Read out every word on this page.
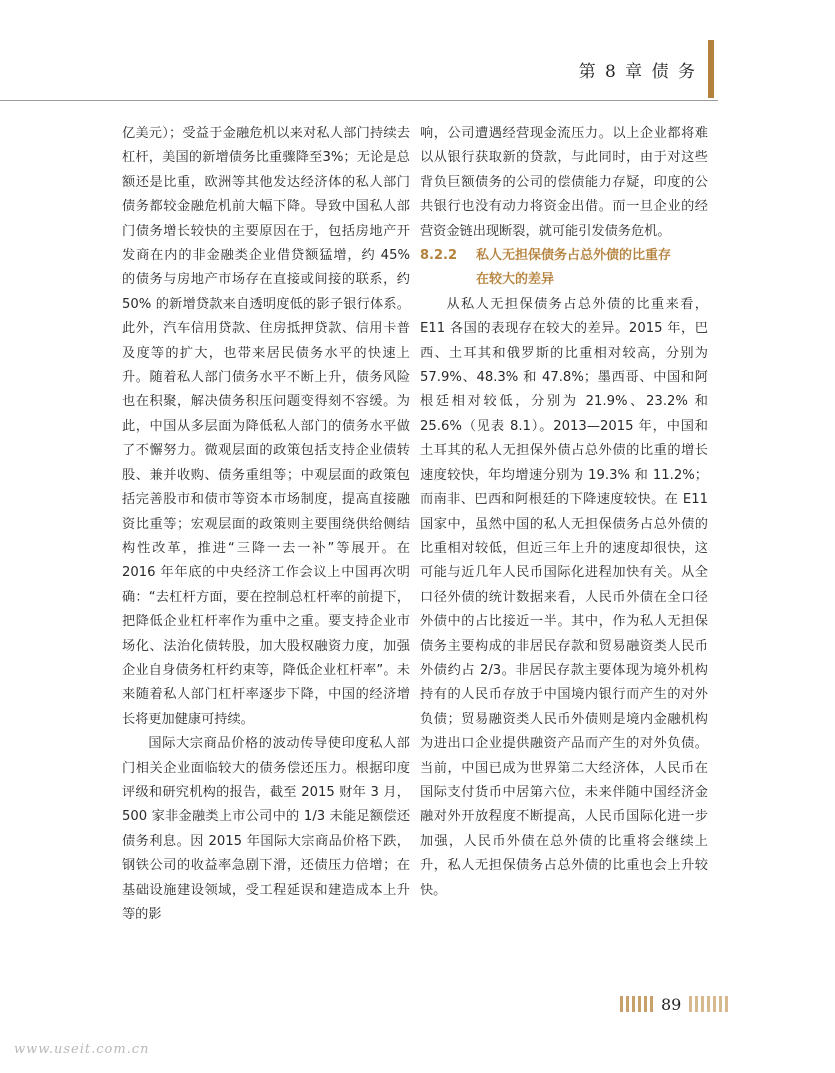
第 8 章 债 务

亿美元）；受益于金融危机以来对私人部门持续去杠杆，美国的新增债务比重骤降至3%；无论是总额还是比重，欧洲等其他发达经济体的私人部门债务都较金融危机前大幅下降。导致中国私人部门债务增长较快的主要原因在于，包括房地产开发商在内的非金融类企业借贷额猛增，约 45% 的债务与房地产市场存在直接或间接的联系，约 50% 的新增贷款来自透明度低的影子银行体系。此外，汽车信用贷款、住房抵押贷款、信用卡普及度等的扩大，也带来居民债务水平的快速上升。随着私人部门债务水平不断上升，债务风险也在积聚，解决债务积压问题变得刻不容缓。为此，中国从多层面为降低私人部门的债务水平做了不懈努力。微观层面的政策包括支持企业债转股、兼并收购、债务重组等；中观层面的政策包括完善股市和债市等资本市场制度，提高直接融资比重等；宏观层面的政策则主要围绕供给侧结构性改革，推进“三降一去一补”等展开。在 2016 年年底的中央经济工作会议上中国再次明确：“去杠杆方面，要在控制总杠杆率的前提下，把降低企业杠杆率作为重中之重。要支持企业市场化、法治化债转股，加大股权融资力度，加强企业自身债务杠杆约束等，降低企业杠杆率”。未来随着私人部门杠杆率逐步下降，中国的经济增长将更加健康可持续。

国际大宗商品价格的波动传导使印度私人部门相关企业面临较大的债务偿还压力。根据印度评级和研究机构的报告，截至 2015 财年 3 月，500 家非金融类上市公司中的 1/3 未能足额偿还债务利息。因 2015 年国际大宗商品价格下跌，钢铁公司的收益率急剧下滑，还债压力倍增；在基础设施建设领域，受工程延误和建造成本上升等的影

响，公司遭遇经营现金流压力。以上企业都将难以从银行获取新的贷款，与此同时，由于对这些背负巨额债务的公司的偿债能力存疑，印度的公共银行也没有动力将资金出借。而一旦企业的经营资金链出现断裂，就可能引发债务危机。

8.2.2 私人无担保债务占总外债的比重存
在较大的差异

从私人无担保债务占总外债的比重来看，E11 各国的表现存在较大的差异。2015 年，巴西、土耳其和俄罗斯的比重相对较高，分别为 57.9%、48.3% 和 47.8%；墨西哥、中国和阿根廷相对较低，分别为 21.9%、23.2% 和 25.6%（见表 8.1）。2013—2015 年，中国和土耳其的私人无担保外债占总外债的比重的增长速度较快，年均增速分别为 19.3% 和 11.2%；而南非、巴西和阿根廷的下降速度较快。在 E11 国家中，虽然中国的私人无担保债务占总外债的比重相对较低，但近三年上升的速度却很快，这可能与近几年人民币国际化进程加快有关。从全口径外债的统计数据来看，人民币外债在全口径外债中的占比接近一半。其中，作为私人无担保债务主要构成的非居民存款和贸易融资类人民币外债约占 2/3。非居民存款主要体现为境外机构持有的人民币存放于中国境内银行而产生的对外负债；贸易融资类人民币外债则是境内金融机构为进出口企业提供融资产品而产生的对外负债。当前，中国已成为世界第二大经济体，人民币在国际支付货币中居第六位，未来伴随中国经济金融对外开放程度不断提高，人民币国际化进一步加强，人民币外债在总外债的比重将会继续上升，私人无担保债务占总外债的比重也会上升较快。

89
www.useit.com.cn
